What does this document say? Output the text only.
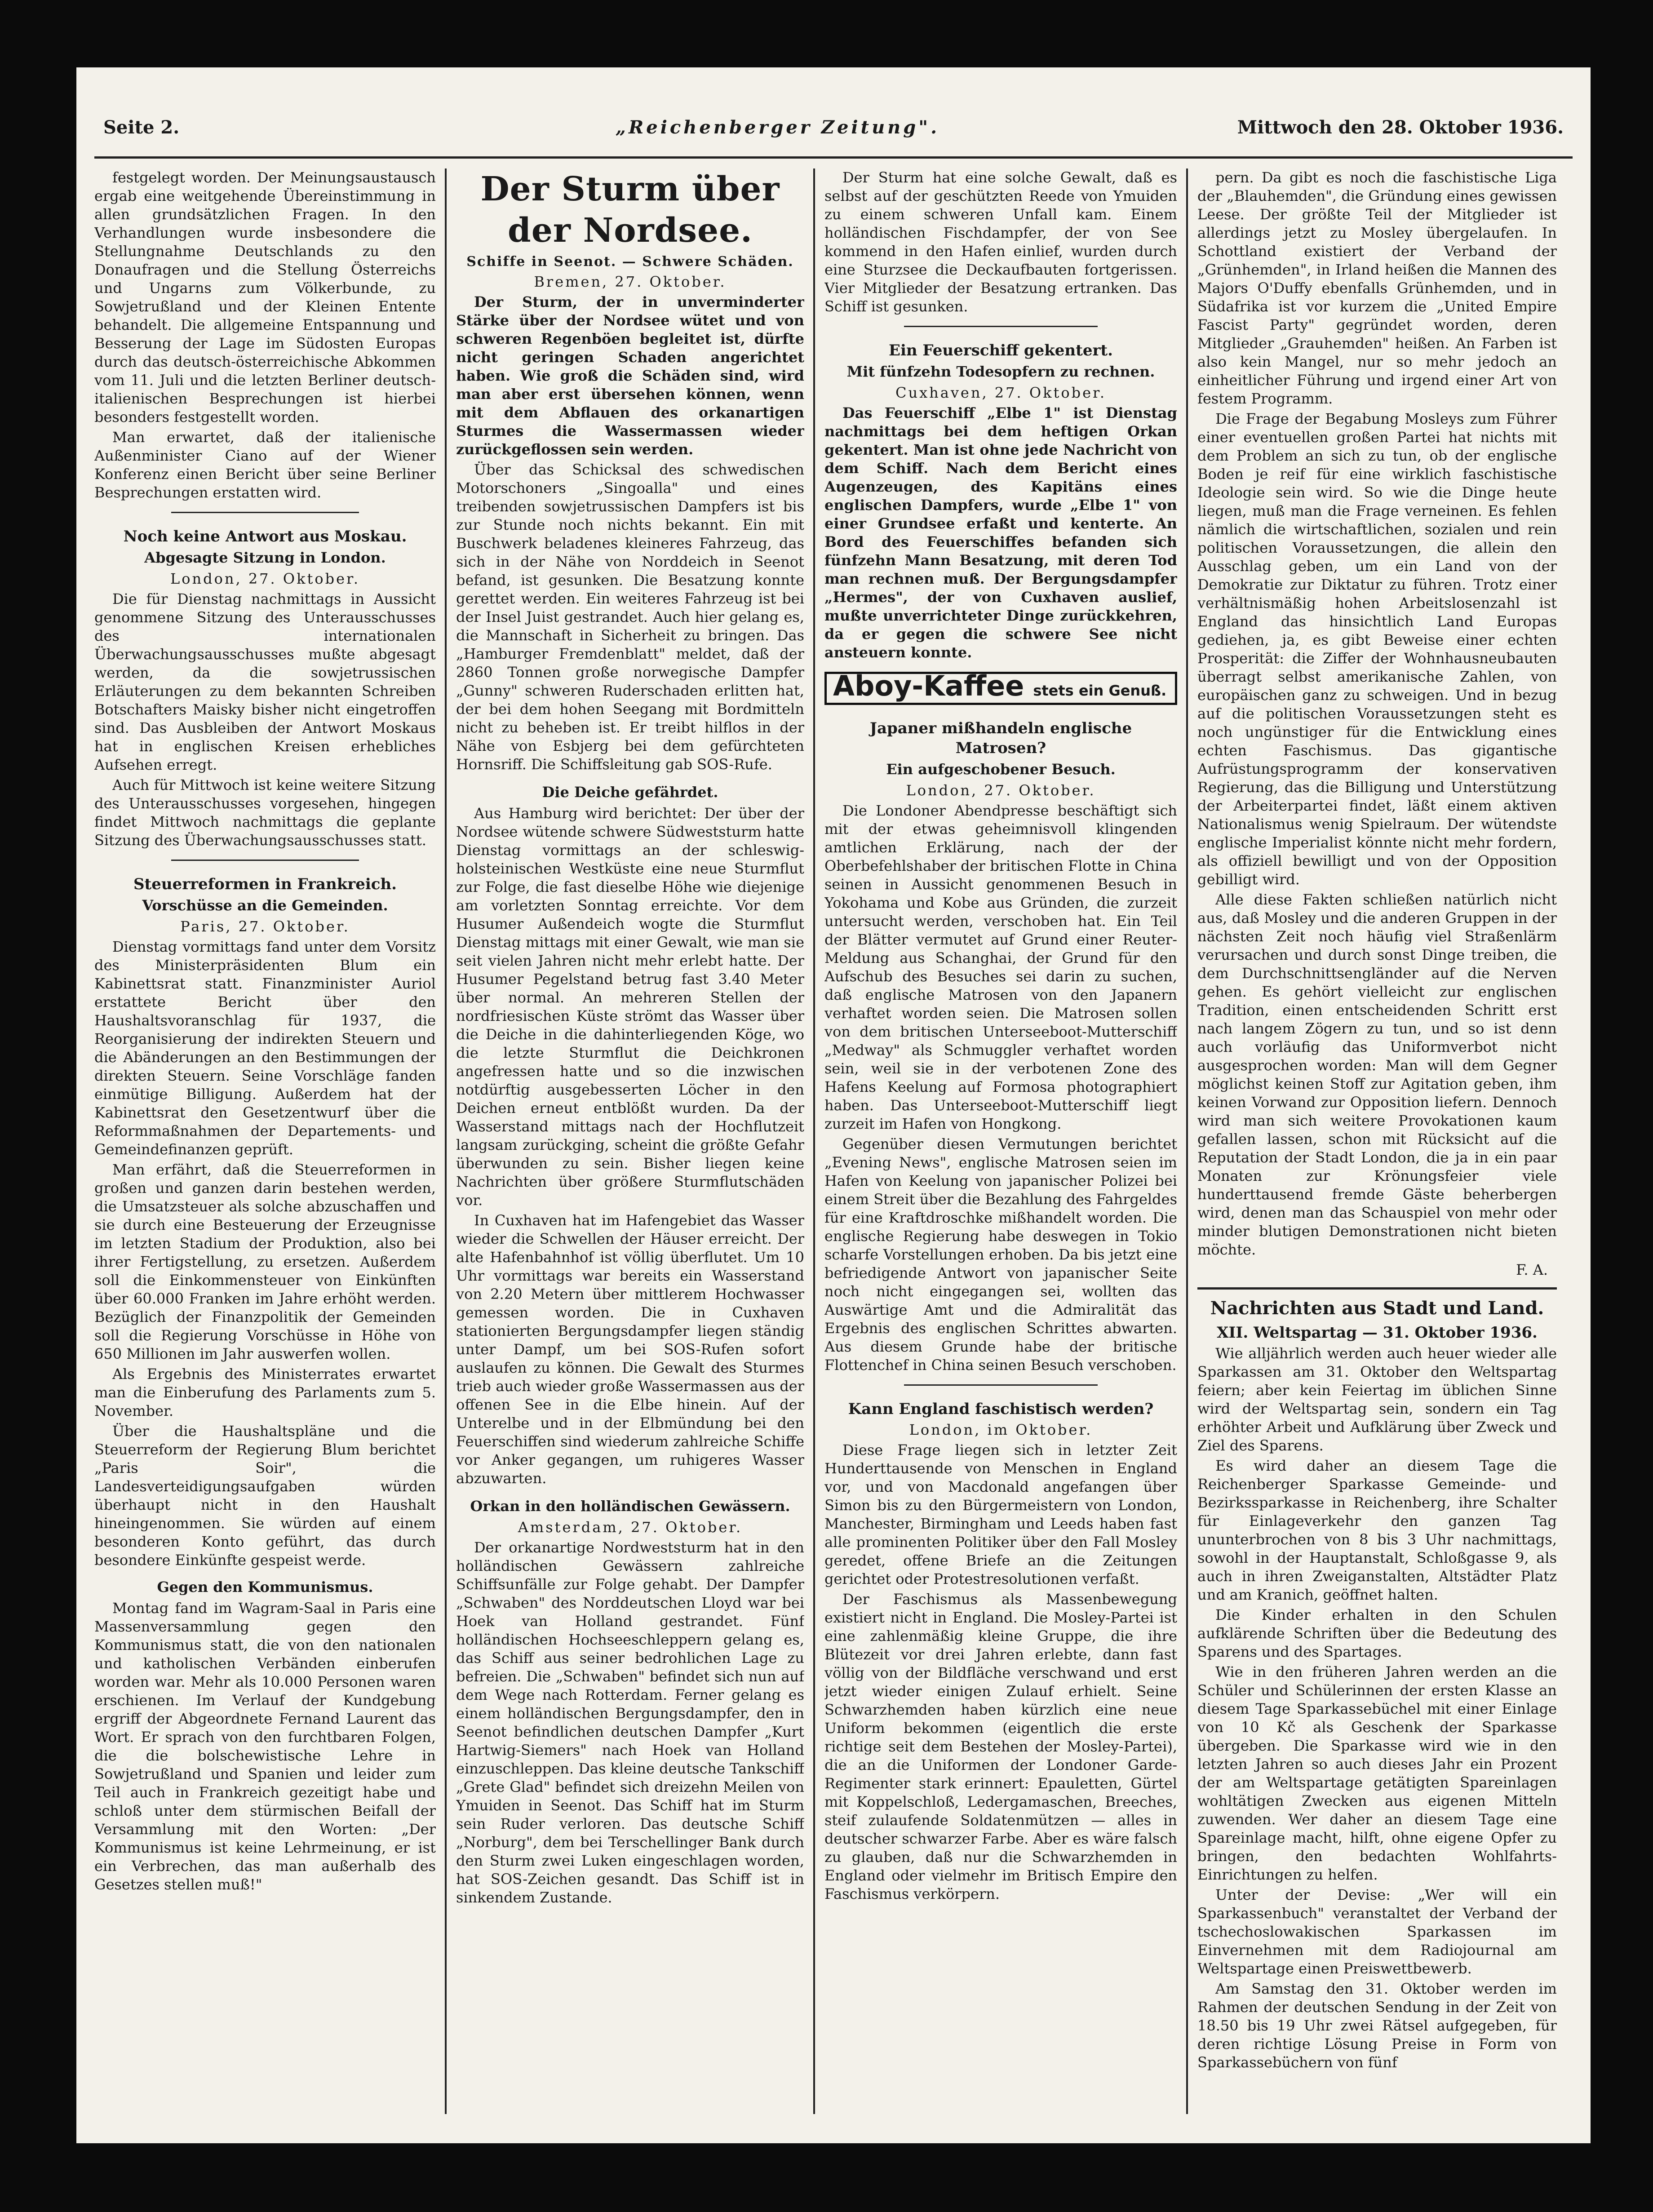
Seite 2.	„Reichenberger Zeitung".	Mittwoch den 28. Oktober 1936.

festgelegt worden. Der Meinungsaustausch ergab eine weitgehende Übereinstimmung in allen grundsätzlichen Fragen. In den Verhandlungen wurde insbesondere die Stellungnahme Deutschlands zu den Donaufragen und die Stellung Österreichs und Ungarns zum Völkerbunde, zu Sowjetrußland und der Kleinen Entente behandelt. Die allgemeine Entspannung und Besserung der Lage im Südosten Europas durch das deutsch-österreichische Abkommen vom 11. Juli und die letzten Berliner deutsch-italienischen Besprechungen ist hierbei besonders festgestellt worden.

Man erwartet, daß der italienische Außenminister Ciano auf der Wiener Konferenz einen Bericht über seine Berliner Besprechungen erstatten wird.

Noch keine Antwort aus Moskau.
Abgesagte Sitzung in London.

London, 27. Oktober.

Die für Dienstag nachmittags in Aussicht genommene Sitzung des Unterausschusses des internationalen Überwachungsausschusses mußte abgesagt werden, da die sowjetrussischen Erläuterungen zu dem bekannten Schreiben Botschafters Maisky bisher nicht eingetroffen sind. Das Ausbleiben der Antwort Moskaus hat in englischen Kreisen erhebliches Aufsehen erregt.

Auch für Mittwoch ist keine weitere Sitzung des Unterausschusses vorgesehen, hingegen findet Mittwoch nachmittags die geplante Sitzung des Überwachungsausschusses statt.

Steuerreformen in Frankreich.
Vorschüsse an die Gemeinden.

Paris, 27. Oktober.

Dienstag vormittags fand unter dem Vorsitz des Ministerpräsidenten Blum ein Kabinettsrat statt. Finanzminister Auriol erstattete Bericht über den Haushaltsvoranschlag für 1937, die Reorganisierung der indirekten Steuern und die Abänderungen an den Bestimmungen der direkten Steuern. Seine Vorschläge fanden einmütige Billigung. Außerdem hat der Kabinettsrat den Gesetzentwurf über die Reformmaßnahmen der Departements- und Gemeindefinanzen geprüft.

Man erfährt, daß die Steuerreformen in großen und ganzen darin bestehen werden, die Umsatzsteuer als solche abzuschaffen und sie durch eine Besteuerung der Erzeugnisse im letzten Stadium der Produktion, also bei ihrer Fertigstellung, zu ersetzen. Außerdem soll die Einkommensteuer von Einkünften über 60.000 Franken im Jahre erhöht werden. Bezüglich der Finanzpolitik der Gemeinden soll die Regierung Vorschüsse in Höhe von 650 Millionen im Jahr auswerfen wollen.

Als Ergebnis des Ministerrates erwartet man die Einberufung des Parlaments zum 5. November.

Über die Haushaltspläne und die Steuerreform der Regierung Blum berichtet „Paris Soir", die Landesverteidigungsaufgaben würden überhaupt nicht in den Haushalt hineingenommen. Sie würden auf einem besonderen Konto geführt, das durch besondere Einkünfte gespeist werde.

Gegen den Kommunismus.

Montag fand im Wagram-Saal in Paris eine Massenversammlung gegen den Kommunismus statt, die von den nationalen und katholischen Verbänden einberufen worden war. Mehr als 10.000 Personen waren erschienen. Im Verlauf der Kundgebung ergriff der Abgeordnete Fernand Laurent das Wort. Er sprach von den furchtbaren Folgen, die die bolschewistische Lehre in Sowjetrußland und Spanien und leider zum Teil auch in Frankreich gezeitigt habe und schloß unter dem stürmischen Beifall der Versammlung mit den Worten: „Der Kommunismus ist keine Lehrmeinung, er ist ein Verbrechen, das man außerhalb des Gesetzes stellen muß!"

Der Sturm über der Nordsee.

Schiffe in Seenot. — Schwere Schäden.

Bremen, 27. Oktober.

Der Sturm, der in unverminderter Stärke über der Nordsee wütet und von schweren Regenböen begleitet ist, dürfte nicht geringen Schaden angerichtet haben. Wie groß die Schäden sind, wird man aber erst übersehen können, wenn mit dem Abflauen des orkanartigen Sturmes die Wassermassen wieder zurückgeflossen sein werden.

Über das Schicksal des schwedischen Motorschoners „Singoalla" und eines treibenden sowjetrussischen Dampfers ist bis zur Stunde noch nichts bekannt. Ein mit Buschwerk beladenes kleineres Fahrzeug, das sich in der Nähe von Norddeich in Seenot befand, ist gesunken. Die Besatzung konnte gerettet werden. Ein weiteres Fahrzeug ist bei der Insel Juist gestrandet. Auch hier gelang es, die Mannschaft in Sicherheit zu bringen. Das „Hamburger Fremdenblatt" meldet, daß der 2860 Tonnen große norwegische Dampfer „Gunny" schweren Ruderschaden erlitten hat, der bei dem hohen Seegang mit Bordmitteln nicht zu beheben ist. Er treibt hilflos in der Nähe von Esbjerg bei dem gefürchteten Hornsriff. Die Schiffsleitung gab SOS-Rufe.

Die Deiche gefährdet.

Aus Hamburg wird berichtet: Der über der Nordsee wütende schwere Südweststurm hatte Dienstag vormittags an der schleswig-holsteinischen Westküste eine neue Sturmflut zur Folge, die fast dieselbe Höhe wie diejenige am vorletzten Sonntag erreichte. Vor dem Husumer Außendeich wogte die Sturmflut Dienstag mittags mit einer Gewalt, wie man sie seit vielen Jahren nicht mehr erlebt hatte. Der Husumer Pegelstand betrug fast 3.40 Meter über normal. An mehreren Stellen der nordfriesischen Küste strömt das Wasser über die Deiche in die dahinterliegenden Köge, wo die letzte Sturmflut die Deichkronen angefressen hatte und so die inzwischen notdürftig ausgebesserten Löcher in den Deichen erneut entblößt wurden. Da der Wasserstand mittags nach der Hochflutzeit langsam zurückging, scheint die größte Gefahr überwunden zu sein. Bisher liegen keine Nachrichten über größere Sturmflutschäden vor.

In Cuxhaven hat im Hafengebiet das Wasser wieder die Schwellen der Häuser erreicht. Der alte Hafenbahnhof ist völlig überflutet. Um 10 Uhr vormittags war bereits ein Wasserstand von 2.20 Metern über mittlerem Hochwasser gemessen worden. Die in Cuxhaven stationierten Bergungsdampfer liegen ständig unter Dampf, um bei SOS-Rufen sofort auslaufen zu können. Die Gewalt des Sturmes trieb auch wieder große Wassermassen aus der offenen See in die Elbe hinein. Auf der Unterelbe und in der Elbmündung bei den Feuerschiffen sind wiederum zahlreiche Schiffe vor Anker gegangen, um ruhigeres Wasser abzuwarten.

Orkan in den holländischen Gewässern.

Amsterdam, 27. Oktober.

Der orkanartige Nordweststurm hat in den holländischen Gewässern zahlreiche Schiffsunfälle zur Folge gehabt. Der Dampfer „Schwaben" des Norddeutschen Lloyd war bei Hoek van Holland gestrandet. Fünf holländischen Hochseeschleppern gelang es, das Schiff aus seiner bedrohlichen Lage zu befreien. Die „Schwaben" befindet sich nun auf dem Wege nach Rotterdam. Ferner gelang es einem holländischen Bergungsdampfer, den in Seenot befindlichen deutschen Dampfer „Kurt Hartwig-Siemers" nach Hoek van Holland einzuschleppen. Das kleine deutsche Tankschiff „Grete Glad" befindet sich dreizehn Meilen von Ymuiden in Seenot. Das Schiff hat im Sturm sein Ruder verloren. Das deutsche Schiff „Norburg", dem bei Terschellinger Bank durch den Sturm zwei Luken eingeschlagen worden, hat SOS-Zeichen gesandt. Das Schiff ist in sinkendem Zustande.

Der Sturm hat eine solche Gewalt, daß es selbst auf der geschützten Reede von Ymuiden zu einem schweren Unfall kam. Einem holländischen Fischdampfer, der von See kommend in den Hafen einlief, wurden durch eine Sturzsee die Deckaufbauten fortgerissen. Vier Mitglieder der Besatzung ertranken. Das Schiff ist gesunken.

Ein Feuerschiff gekentert.
Mit fünfzehn Todesopfern zu rechnen.

Cuxhaven, 27. Oktober.

Das Feuerschiff „Elbe 1" ist Dienstag nachmittags bei dem heftigen Orkan gekentert. Man ist ohne jede Nachricht von dem Schiff. Nach dem Bericht eines Augenzeugen, des Kapitäns eines englischen Dampfers, wurde „Elbe 1" von einer Grundsee erfaßt und kenterte. An Bord des Feuerschiffes befanden sich fünfzehn Mann Besatzung, mit deren Tod man rechnen muß. Der Bergungsdampfer „Hermes", der von Cuxhaven auslief, mußte unverrichteter Dinge zurückkehren, da er gegen die schwere See nicht ansteuern konnte.

Aboy-Kaffee stets ein Genuß.
Japaner mißhandeln englische Matrosen?
Ein aufgeschobener Besuch.

London, 27. Oktober.

Die Londoner Abendpresse beschäftigt sich mit der etwas geheimnisvoll klingenden amtlichen Erklärung, nach der der Oberbefehlshaber der britischen Flotte in China seinen in Aussicht genommenen Besuch in Yokohama und Kobe aus Gründen, die zurzeit untersucht werden, verschoben hat. Ein Teil der Blätter vermutet auf Grund einer Reuter-Meldung aus Schanghai, der Grund für den Aufschub des Besuches sei darin zu suchen, daß englische Matrosen von den Japanern verhaftet worden seien. Die Matrosen sollen von dem britischen Unterseeboot-Mutterschiff „Medway" als Schmuggler verhaftet worden sein, weil sie in der verbotenen Zone des Hafens Keelung auf Formosa photographiert haben. Das Unterseeboot-Mutterschiff liegt zurzeit im Hafen von Hongkong.

Gegenüber diesen Vermutungen berichtet „Evening News", englische Matrosen seien im Hafen von Keelung von japanischer Polizei bei einem Streit über die Bezahlung des Fahrgeldes für eine Kraftdroschke mißhandelt worden. Die englische Regierung habe deswegen in Tokio scharfe Vorstellungen erhoben. Da bis jetzt eine befriedigende Antwort von japanischer Seite noch nicht eingegangen sei, wollten das Auswärtige Amt und die Admiralität das Ergebnis des englischen Schrittes abwarten. Aus diesem Grunde habe der britische Flottenchef in China seinen Besuch verschoben.

Kann England faschistisch werden?

London, im Oktober.

Diese Frage liegen sich in letzter Zeit Hunderttausende von Menschen in England vor, und von Macdonald angefangen über Simon bis zu den Bürgermeistern von London, Manchester, Birmingham und Leeds haben fast alle prominenten Politiker über den Fall Mosley geredet, offene Briefe an die Zeitungen gerichtet oder Protestresolutionen verfaßt.

Der Faschismus als Massenbewegung existiert nicht in England. Die Mosley-Partei ist eine zahlenmäßig kleine Gruppe, die ihre Blütezeit vor drei Jahren erlebte, dann fast völlig von der Bildfläche verschwand und erst jetzt wieder einigen Zulauf erhielt. Seine Schwarzhemden haben kürzlich eine neue Uniform bekommen (eigentlich die erste richtige seit dem Bestehen der Mosley-Partei), die an die Uniformen der Londoner Garde-Regimenter stark erinnert: Epauletten, Gürtel mit Koppelschloß, Ledergamaschen, Breeches, steif zulaufende Soldatenmützen — alles in deutscher schwarzer Farbe. Aber es wäre falsch zu glauben, daß nur die Schwarzhemden in England oder vielmehr im Britisch Empire den Faschismus verkörpern.

pern. Da gibt es noch die faschistische Liga der „Blauhemden", die Gründung eines gewissen Leese. Der größte Teil der Mitglieder ist allerdings jetzt zu Mosley übergelaufen. In Schottland existiert der Verband der „Grünhemden", in Irland heißen die Mannen des Majors O'Duffy ebenfalls Grünhemden, und in Südafrika ist vor kurzem die „United Empire Fascist Party" gegründet worden, deren Mitglieder „Grauhemden" heißen. An Farben ist also kein Mangel, nur so mehr jedoch an einheitlicher Führung und irgend einer Art von festem Programm.

Die Frage der Begabung Mosleys zum Führer einer eventuellen großen Partei hat nichts mit dem Problem an sich zu tun, ob der englische Boden je reif für eine wirklich faschistische Ideologie sein wird. So wie die Dinge heute liegen, muß man die Frage verneinen. Es fehlen nämlich die wirtschaftlichen, sozialen und rein politischen Voraussetzungen, die allein den Ausschlag geben, um ein Land von der Demokratie zur Diktatur zu führen. Trotz einer verhältnismäßig hohen Arbeitslosenzahl ist England das hinsichtlich Land Europas gediehen, ja, es gibt Beweise einer echten Prosperität: die Ziffer der Wohnhausneubauten überragt selbst amerikanische Zahlen, von europäischen ganz zu schweigen. Und in bezug auf die politischen Voraussetzungen steht es noch ungünstiger für die Entwicklung eines echten Faschismus. Das gigantische Aufrüstungsprogramm der konservativen Regierung, das die Billigung und Unterstützung der Arbeiterpartei findet, läßt einem aktiven Nationalismus wenig Spielraum. Der wütendste englische Imperialist könnte nicht mehr fordern, als offiziell bewilligt und von der Opposition gebilligt wird.

Alle diese Fakten schließen natürlich nicht aus, daß Mosley und die anderen Gruppen in der nächsten Zeit noch häufig viel Straßenlärm verursachen und durch sonst Dinge treiben, die dem Durchschnittsengländer auf die Nerven gehen. Es gehört vielleicht zur englischen Tradition, einen entscheidenden Schritt erst nach langem Zögern zu tun, und so ist denn auch vorläufig das Uniformverbot nicht ausgesprochen worden: Man will dem Gegner möglichst keinen Stoff zur Agitation geben, ihm keinen Vorwand zur Opposition liefern. Dennoch wird man sich weitere Provokationen kaum gefallen lassen, schon mit Rücksicht auf die Reputation der Stadt London, die ja in ein paar Monaten zur Krönungsfeier viele hunderttausend fremde Gäste beherbergen wird, denen man das Schauspiel von mehr oder minder blutigen Demonstrationen nicht bieten möchte.

F. A.

Nachrichten aus Stadt und Land.
XII. Weltspartag — 31. Oktober 1936.

Wie alljährlich werden auch heuer wieder alle Sparkassen am 31. Oktober den Weltspartag feiern; aber kein Feiertag im üblichen Sinne wird der Weltspartag sein, sondern ein Tag erhöhter Arbeit und Aufklärung über Zweck und Ziel des Sparens.

Es wird daher an diesem Tage die Reichenberger Sparkasse Gemeinde- und Bezirkssparkasse in Reichenberg, ihre Schalter für Einlageverkehr den ganzen Tag ununterbrochen von 8 bis 3 Uhr nachmittags, sowohl in der Hauptanstalt, Schloßgasse 9, als auch in ihren Zweiganstalten, Altstädter Platz und am Kranich, geöffnet halten.

Die Kinder erhalten in den Schulen aufklärende Schriften über die Bedeutung des Sparens und des Spartages.

Wie in den früheren Jahren werden an die Schüler und Schülerinnen der ersten Klasse an diesem Tage Sparkassebüchel mit einer Einlage von 10 Kč als Geschenk der Sparkasse übergeben. Die Sparkasse wird wie in den letzten Jahren so auch dieses Jahr ein Prozent der am Weltspartage getätigten Spareinlagen wohltätigen Zwecken aus eigenen Mitteln zuwenden. Wer daher an diesem Tage eine Spareinlage macht, hilft, ohne eigene Opfer zu bringen, den bedachten Wohlfahrts-Einrichtungen zu helfen.

Unter der Devise: „Wer will ein Sparkassenbuch" veranstaltet der Verband der tschechoslowakischen Sparkassen im Einvernehmen mit dem Radiojournal am Weltspartage einen Preiswettbewerb.

Am Samstag den 31. Oktober werden im Rahmen der deutschen Sendung in der Zeit von 18.50 bis 19 Uhr zwei Rätsel aufgegeben, für deren richtige Lösung Preise in Form von Sparkassebüchern von fünf
